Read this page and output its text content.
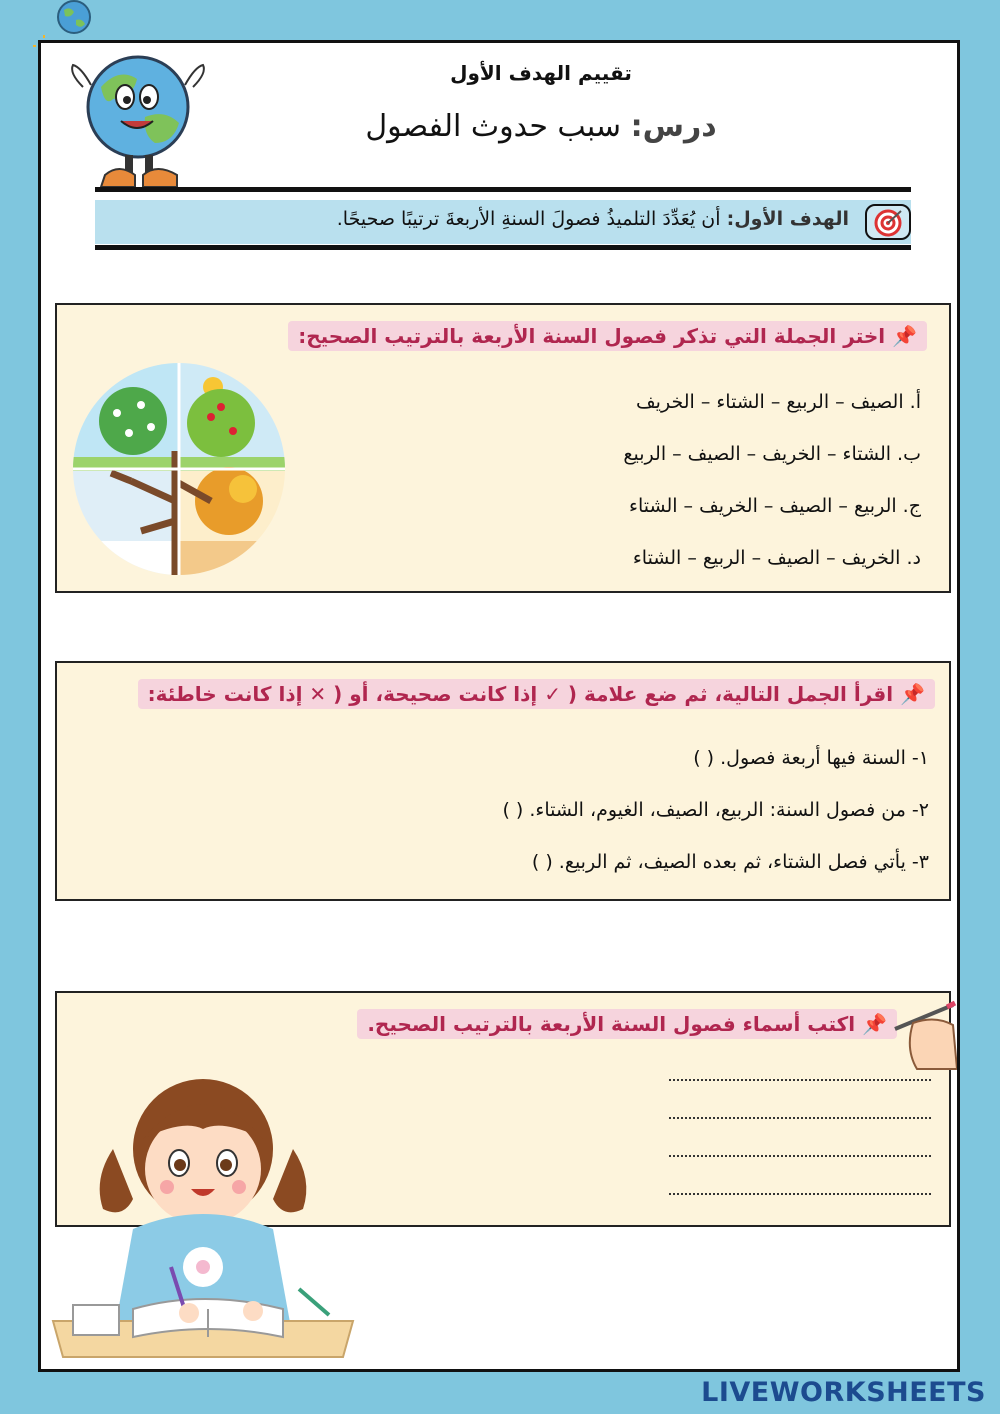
تقييم الهدف الأول
درس: سبب حدوث الفصول
الهدف الأول: أن يُعَدِّدَ التلميذُ فصولَ السنةِ الأربعةَ ترتيبًا صحيحًا.
📌 اختر الجملة التي تذكر فصول السنة الأربعة بالترتيب الصحيح:
أ. الصيف – الربيع – الشتاء – الخريف
ب. الشتاء – الخريف – الصيف – الربيع
ج. الربيع – الصيف – الخريف – الشتاء
د. الخريف – الصيف – الربيع – الشتاء
📌 اقرأ الجمل التالية، ثم ضع علامة ( ✓ إذا كانت صحيحة، أو ( ✕ إذا كانت خاطئة:
١- السنة فيها أربعة فصول. ( )
٢- من فصول السنة: الربيع، الصيف، الغيوم، الشتاء. ( )
٣- يأتي فصل الشتاء، ثم بعده الصيف، ثم الربيع. ( )
📌 اكتب أسماء فصول السنة الأربعة بالترتيب الصحيح.
LIVEWORKSHEETS
